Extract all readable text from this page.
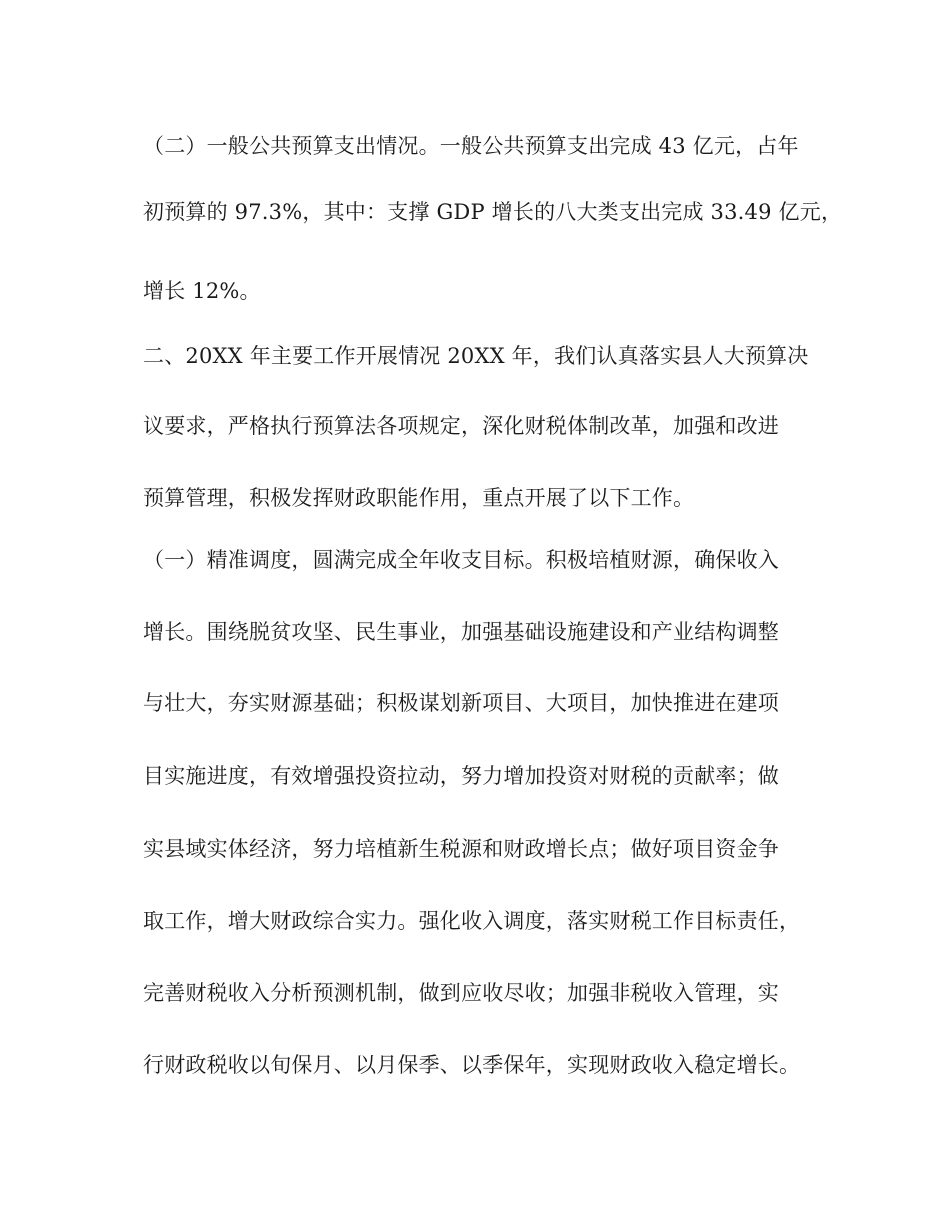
（二）一般公共预算支出情况。一般公共预算支出完成 43 亿元，占年
初预算的 97.3%，其中：支撑 GDP 增长的八大类支出完成 33.49 亿元，
增长 12%。
二、20XX 年主要工作开展情况 20XX 年，我们认真落实县人大预算决
议要求，严格执行预算法各项规定，深化财税体制改革，加强和改进
预算管理，积极发挥财政职能作用，重点开展了以下工作。
（一）精准调度，圆满完成全年收支目标。积极培植财源，确保收入
增长。围绕脱贫攻坚、民生事业，加强基础设施建设和产业结构调整
与壮大，夯实财源基础；积极谋划新项目、大项目，加快推进在建项
目实施进度，有效增强投资拉动，努力增加投资对财税的贡献率；做
实县域实体经济，努力培植新生税源和财政增长点；做好项目资金争
取工作，增大财政综合实力。强化收入调度，落实财税工作目标责任，
完善财税收入分析预测机制，做到应收尽收；加强非税收入管理，实
行财政税收以旬保月、以月保季、以季保年，实现财政收入稳定增长。
